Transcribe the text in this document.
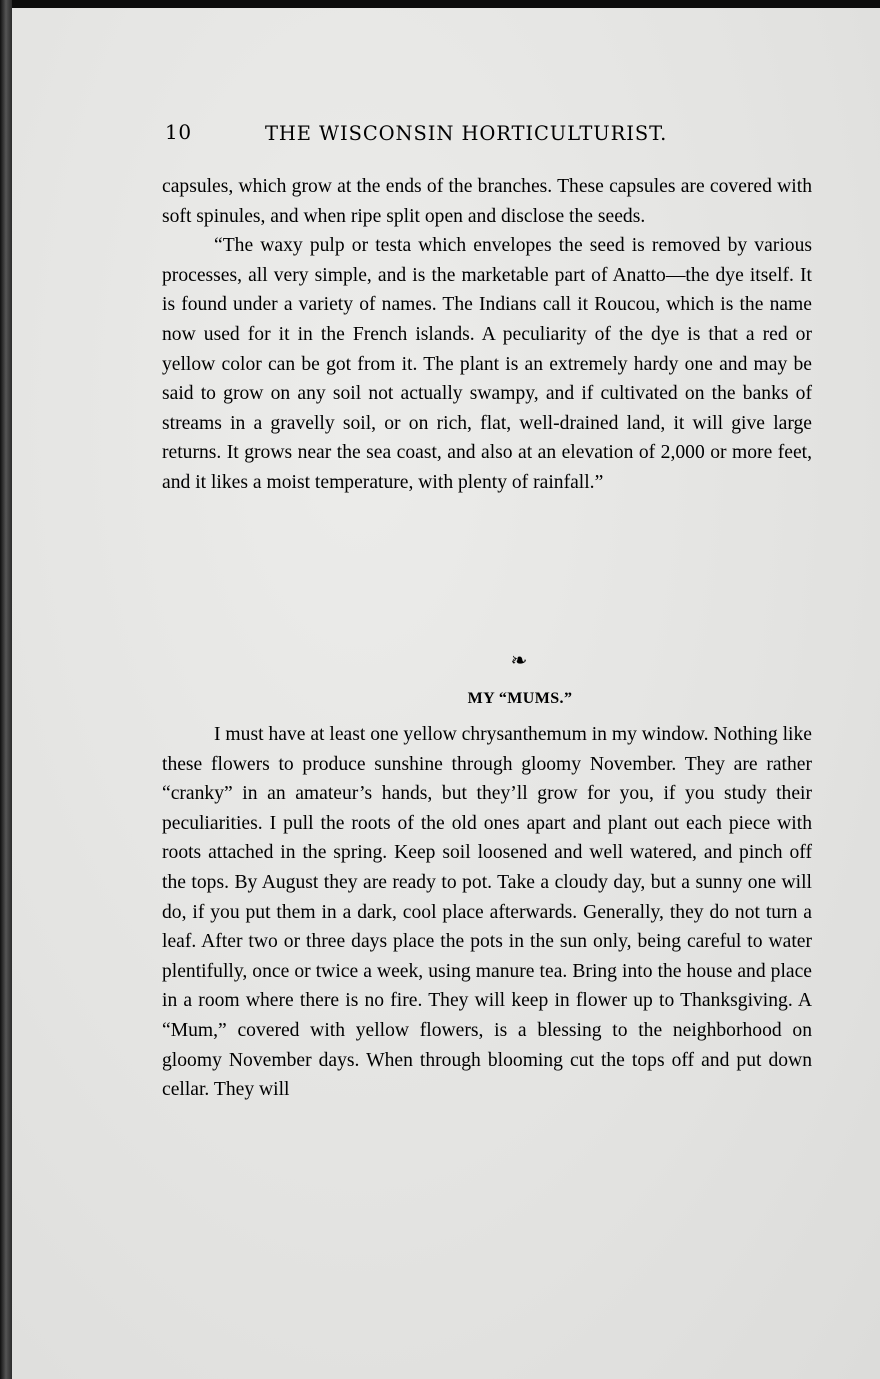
10	THE WISCONSIN HORTICULTURIST.

capsules, which grow at the ends of the branches. These capsules are covered with soft spinules, and when ripe split open and disclose the seeds.

“The waxy pulp or testa which envelopes the seed is removed by various processes, all very simple, and is the marketable part of Anatto—the dye itself. It is found under a variety of names. The Indians call it Roucou, which is the name now used for it in the French islands. A peculiarity of the dye is that a red or yellow color can be got from it. The plant is an extremely hardy one and may be said to grow on any soil not actually swampy, and if cultivated on the banks of streams in a gravelly soil, or on rich, flat, well-drained land, it will give large returns. It grows near the sea coast, and also at an elevation of 2,000 or more feet, and it likes a moist temperature, with plenty of rainfall.”

❧
MY “MUMS.”

I must have at least one yellow chrysanthemum in my window. Nothing like these flowers to produce sunshine through gloomy November. They are rather “cranky” in an amateur’s hands, but they’ll grow for you, if you study their peculiarities. I pull the roots of the old ones apart and plant out each piece with roots attached in the spring. Keep soil loosened and well watered, and pinch off the tops. By August they are ready to pot. Take a cloudy day, but a sunny one will do, if you put them in a dark, cool place afterwards. Generally, they do not turn a leaf. After two or three days place the pots in the sun only, being careful to water plentifully, once or twice a week, using manure tea. Bring into the house and place in a room where there is no fire. They will keep in flower up to Thanksgiving. A “Mum,” covered with yellow flowers, is a blessing to the neighborhood on gloomy November days. When through blooming cut the tops off and put down cellar. They will
